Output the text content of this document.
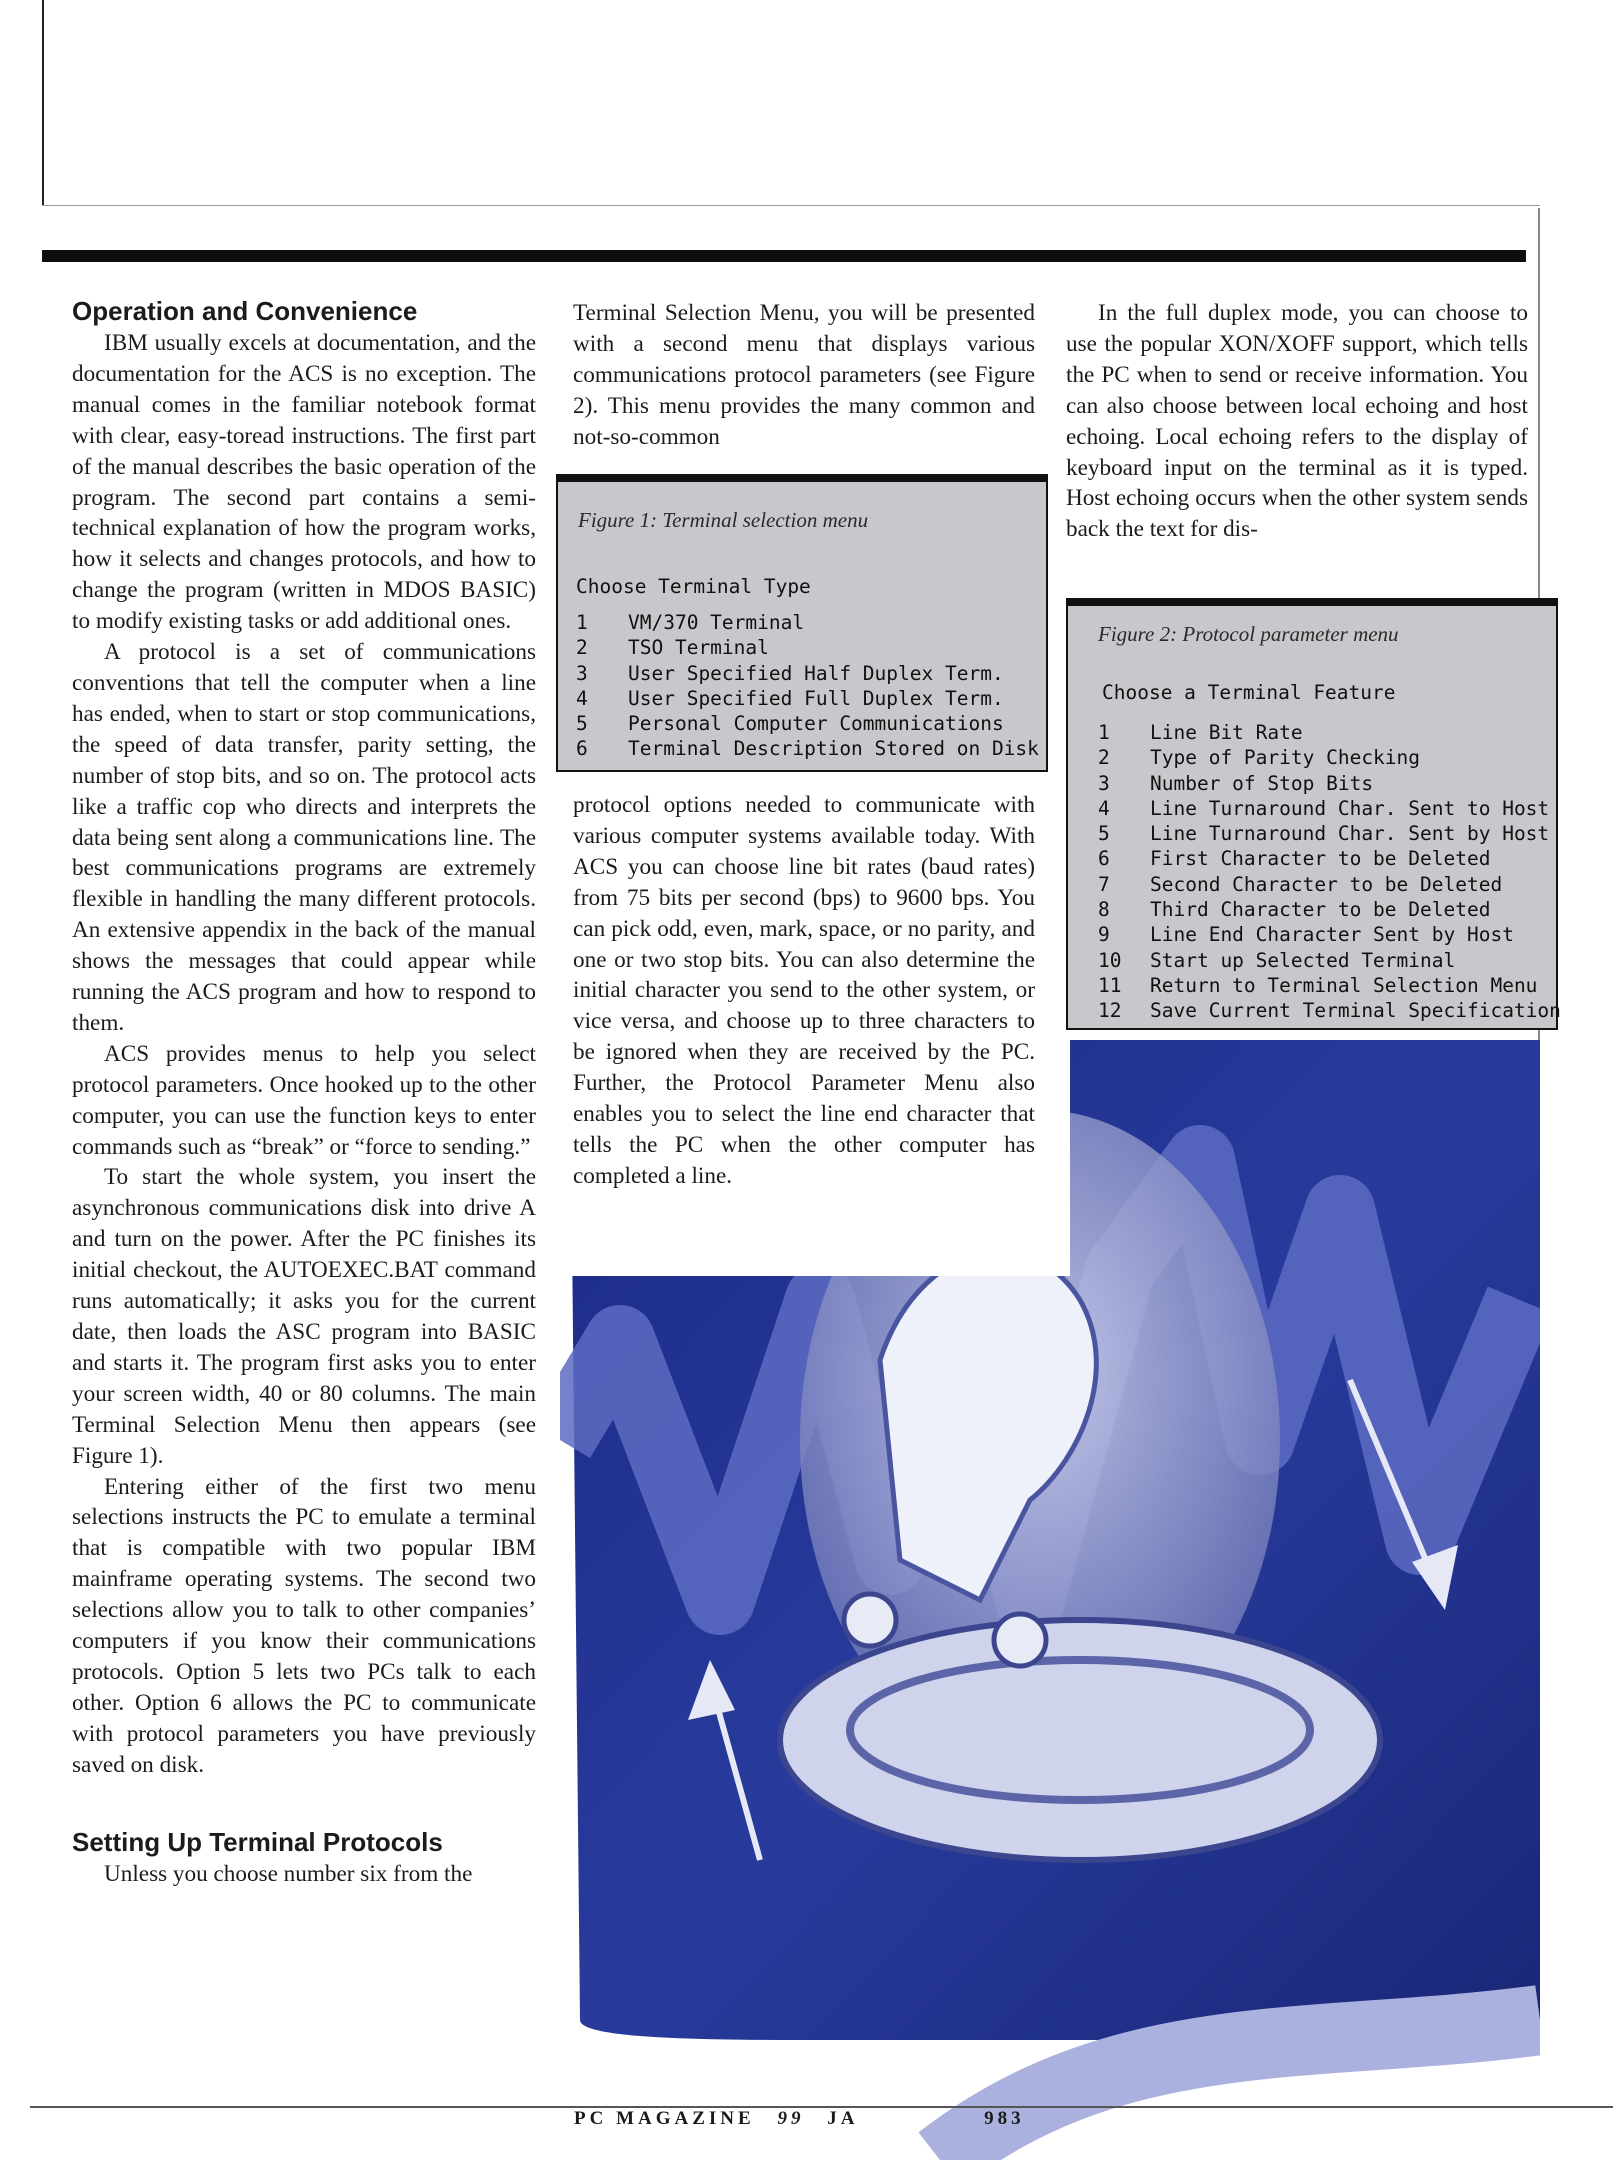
Operation and Convenience

IBM usually excels at documentation, and the documentation for the ACS is no exception. The manual comes in the familiar notebook format with clear, easy-toread instructions. The first part of the manual describes the basic operation of the program. The second part contains a semi-technical explanation of how the program works, how it selects and changes protocols, and how to change the program (written in MDOS BASIC) to modify existing tasks or add additional ones.

A protocol is a set of communications conventions that tell the computer when a line has ended, when to start or stop communications, the speed of data transfer, parity setting, the number of stop bits, and so on. The protocol acts like a traffic cop who directs and interprets the data being sent along a communications line. The best communications programs are extremely flexible in handling the many different protocols. An extensive appendix in the back of the manual shows the messages that could appear while running the ACS program and how to respond to them.

ACS provides menus to help you select protocol parameters. Once hooked up to the other computer, you can use the function keys to enter commands such as “break” or “force to sending.”

To start the whole system, you insert the asynchronous communications disk into drive A and turn on the power. After the PC finishes its initial checkout, the AUTOEXEC.BAT command runs automatically; it asks you for the current date, then loads the ASC program into BASIC and starts it. The program first asks you to enter your screen width, 40 or 80 columns. The main Terminal Selection Menu then appears (see Figure 1).

Entering either of the first two menu selections instructs the PC to emulate a terminal that is compatible with two popular IBM mainframe operating systems. The second two selections allow you to talk to other companies’ computers if you know their communications protocols. Option 5 lets two PCs talk to each other. Option 6 allows the PC to communicate with protocol parameters you have previously saved on disk.

Setting Up Terminal Protocols

Unless you choose number six from the

Terminal Selection Menu, you will be presented with a second menu that displays various communications protocol parameters (see Figure 2). This menu provides the many common and not-so-common

Figure 1: Terminal selection menu

Choose Terminal Type

1	VM/370 Terminal
2	TSO Terminal
3	User Specified Half Duplex Term.
4	User Specified Full Duplex Term.
5	Personal Computer Communications
6	Terminal Description Stored on Disk

protocol options needed to communicate with various computer systems available today. With ACS you can choose line bit rates (baud rates) from 75 bits per second (bps) to 9600 bps. You can pick odd, even, mark, space, or no parity, and one or two stop bits. You can also determine the initial character you send to the other system, or vice versa, and choose up to three characters to be ignored when they are received by the PC. Further, the Protocol Parameter Menu also enables you to select the line end character that tells the PC when the other computer has completed a line.

In the full duplex mode, you can choose to use the popular XON/XOFF support, which tells the PC when to send or receive information. You can also choose between local echoing and host echoing. Local echoing refers to the display of keyboard input on the terminal as it is typed. Host echoing occurs when the other system sends back the text for dis-

Figure 2: Protocol parameter menu

Choose a Terminal Feature

1	Line Bit Rate
2	Type of Parity Checking
3	Number of Stop Bits
4	Line Turnaround Char. Sent to Host
5	Line Turnaround Char. Sent by Host
6	First Character to be Deleted
7	Second Character to be Deleted
8	Third Character to be Deleted
9	Line End Character Sent by Host
10	Start up Selected Terminal
11	Return to Terminal Selection Menu
12	Save Current Terminal Specification
PC MAGAZINE 99 JA	983
